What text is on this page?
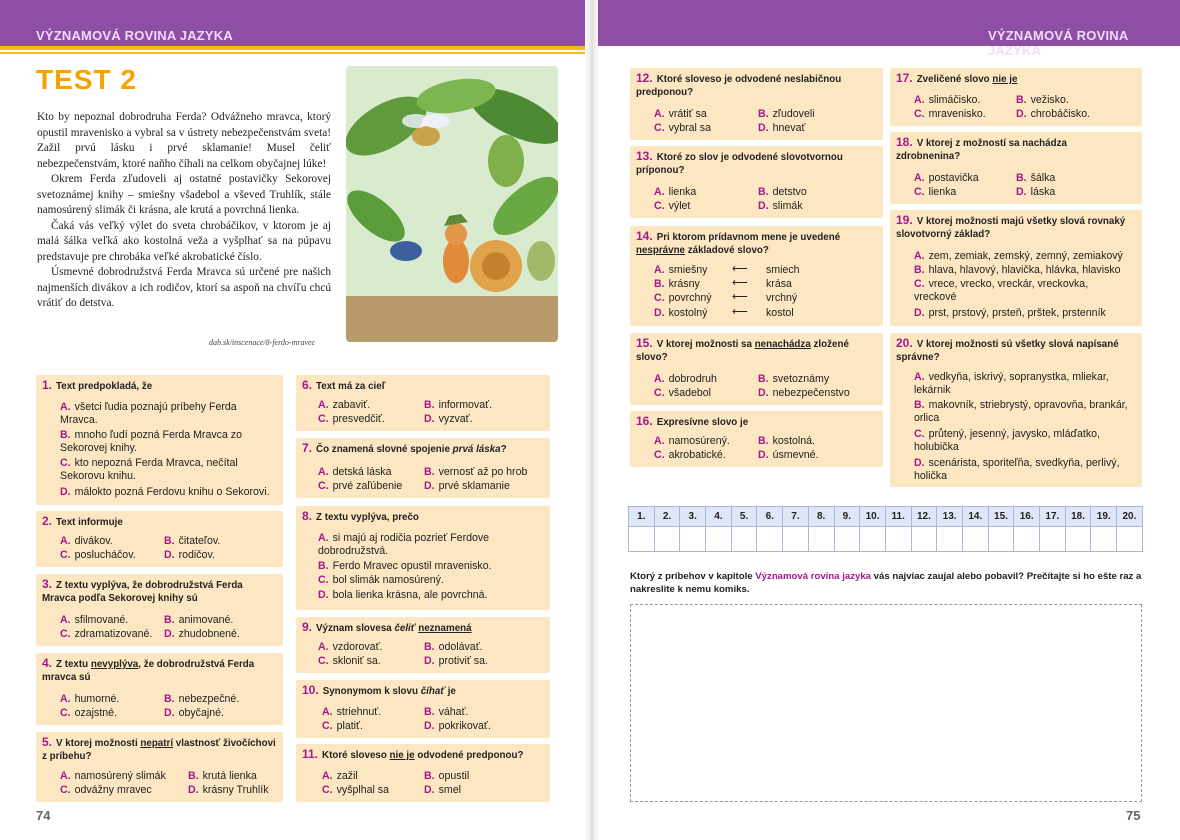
VÝZNAMOVÁ ROVINA JAZYKA
TEST 2

Kto by nepoznal dobrodruha Ferda? Odvážneho mravca, ktorý opustil mravenisko a vybral sa v ústrety nebezpečenstvám sveta! Zažil prvú lásku i prvé sklamanie! Musel čeliť nebezpečenstvám, ktoré naňho číhali na celkom obyčajnej lúke!

Okrem Ferda zľudoveli aj ostatné postavičky Sekorovej svetoznámej knihy – smiešny všadebol a vševed Truhlík, stále namosúrený slimák či krásna, ale krutá a povrchná lienka.

Čaká vás veľký výlet do sveta chrobáčikov, v ktorom je aj malá šálka veľká ako kostolná veža a vyšplhať sa na púpavu predstavuje pre chrobáka veľké akrobatické číslo.

Úsmevné dobrodružstvá Ferda Mravca sú určené pre našich najmenších divákov a ich rodičov, ktorí sa aspoň na chvíľu chcú vrátiť do detstva.

dab.sk/inscenace/8-ferdo-mravec
1. Text predpokladá, že
A. všetci ľudia poznajú príbehy Ferda Mravca.
B. mnoho ľudí pozná Ferda Mravca zo Sekorovej knihy.
C. kto nepozná Ferda Mravca, nečítal Sekorovu knihu.
D. málokto pozná Ferdovu knihu o Sekorovi.
2. Text informuje
A. divákov.	B. čitateľov.
C. poslucháčov.	D. rodičov.
3. Z textu vyplýva, že dobrodružstvá Ferda Mravca podľa Sekorovej knihy sú
A. sfilmované.	B. animované.
C. zdramatizované. D. zhudobnené.
4. Z textu nevyplýva, že dobrodružstvá Ferda mravca sú
A. humorné.	B. nebezpečné.
C. ozajstné.	D. obyčajné.
5. V ktorej možnosti nepatrí vlastnosť živočíchovi z príbehu?
A. namosúrený slimák B. krutá lienka
C. odvážny mravec	D. krásny Truhlík
6. Text má za cieľ
A. zabaviť.	B. informovať.
C. presvedčiť.	D. vyzvať.
7. Čo znamená slovné spojenie prvá láska?
A. detská láska	B. vernosť až po hrob
C. prvé zaľúbenie D. prvé sklamanie
8. Z textu vyplýva, prečo
A. si majú aj rodičia pozrieť Ferdove dobrodružstvá.
B. Ferdo Mravec opustil mravenisko.
C. bol slimák namosúrený.
D. bola lienka krásna, ale povrchná.
9. Význam slovesa čeliť neznamená
A. vzdorovať.	B. odolávať.
C. skloniť sa.	D. protiviť sa.
10. Synonymom k slovu číhať je
A. striehnuť.	B. váhať.
C. platiť.	D. pokrikovať.
11. Ktoré sloveso nie je odvodené predponou?
A. zažil	B. opustil
C. vyšplhal sa	D. smel
74
VÝZNAMOVÁ ROVINA JAZYKA
12. Ktoré sloveso je odvodené neslabičnou predponou?
A. vrátiť sa	B. zľudoveli
C. vybral sa	D. hnevať
13. Ktoré zo slov je odvodené slovotvornou príponou?
A. lienka	B. detstvo
C. výlet	D. slimák
14. Pri ktorom prídavnom mene je uvedené nesprávne základové slovo?
A. smiešny ⟵ smiech
B. krásny	⟵ krása
C. povrchný ⟵ vrchný
D. kostolný ⟵ kostol
15. V ktorej možnosti sa nenachádza zložené slovo?
A. dobrodruh	B. svetoznámy
C. všadebol	D. nebezpečenstvo
16. Expresívne slovo je
A. namosúrený.	B. kostolná.
C. akrobatické.	D. úsmevné.
17. Zveličené slovo nie je
A. slimáčisko.	B. vežisko.
C. mravenisko.	D. chrobáčisko.
18. V ktorej z možností sa nachádza zdrobnenina?
A. postavička	B. šálka
C. lienka	D. láska
19. V ktorej možnosti majú všetky slová rovnaký slovotvorný základ?
A. zem, zemiak, zemský, zemný, zemiakový
B. hlava, hlavový, hlavička, hlávka, hlavisko
C. vrece, vrecko, vreckár, vreckovka, vreckové
D. prst, prstový, prsteň, prštek, prstenník
20. V ktorej možnosti sú všetky slová napísané správne?
A. vedkyňa, iskrivý, sopranystka, mliekar, lekárnik
B. makovník, striebrystý, opravovňa, brankár, orlica
C. průtený, jesenný, javysko, mláďatko, holubička
D. scenárista, sporiteľňa, svedkyňa, perlivý, holička
1.	2.	3.	4.	5.	6.	7.	8.	9.	10.	11.	12.	13.	14.	15.	16.	17.	18.	19.	20.

Ktorý z príbehov v kapitole Významová rovina jazyka vás najviac zaujal alebo pobavil? Prečítajte si ho ešte raz a nakreslite k nemu komiks.
75
